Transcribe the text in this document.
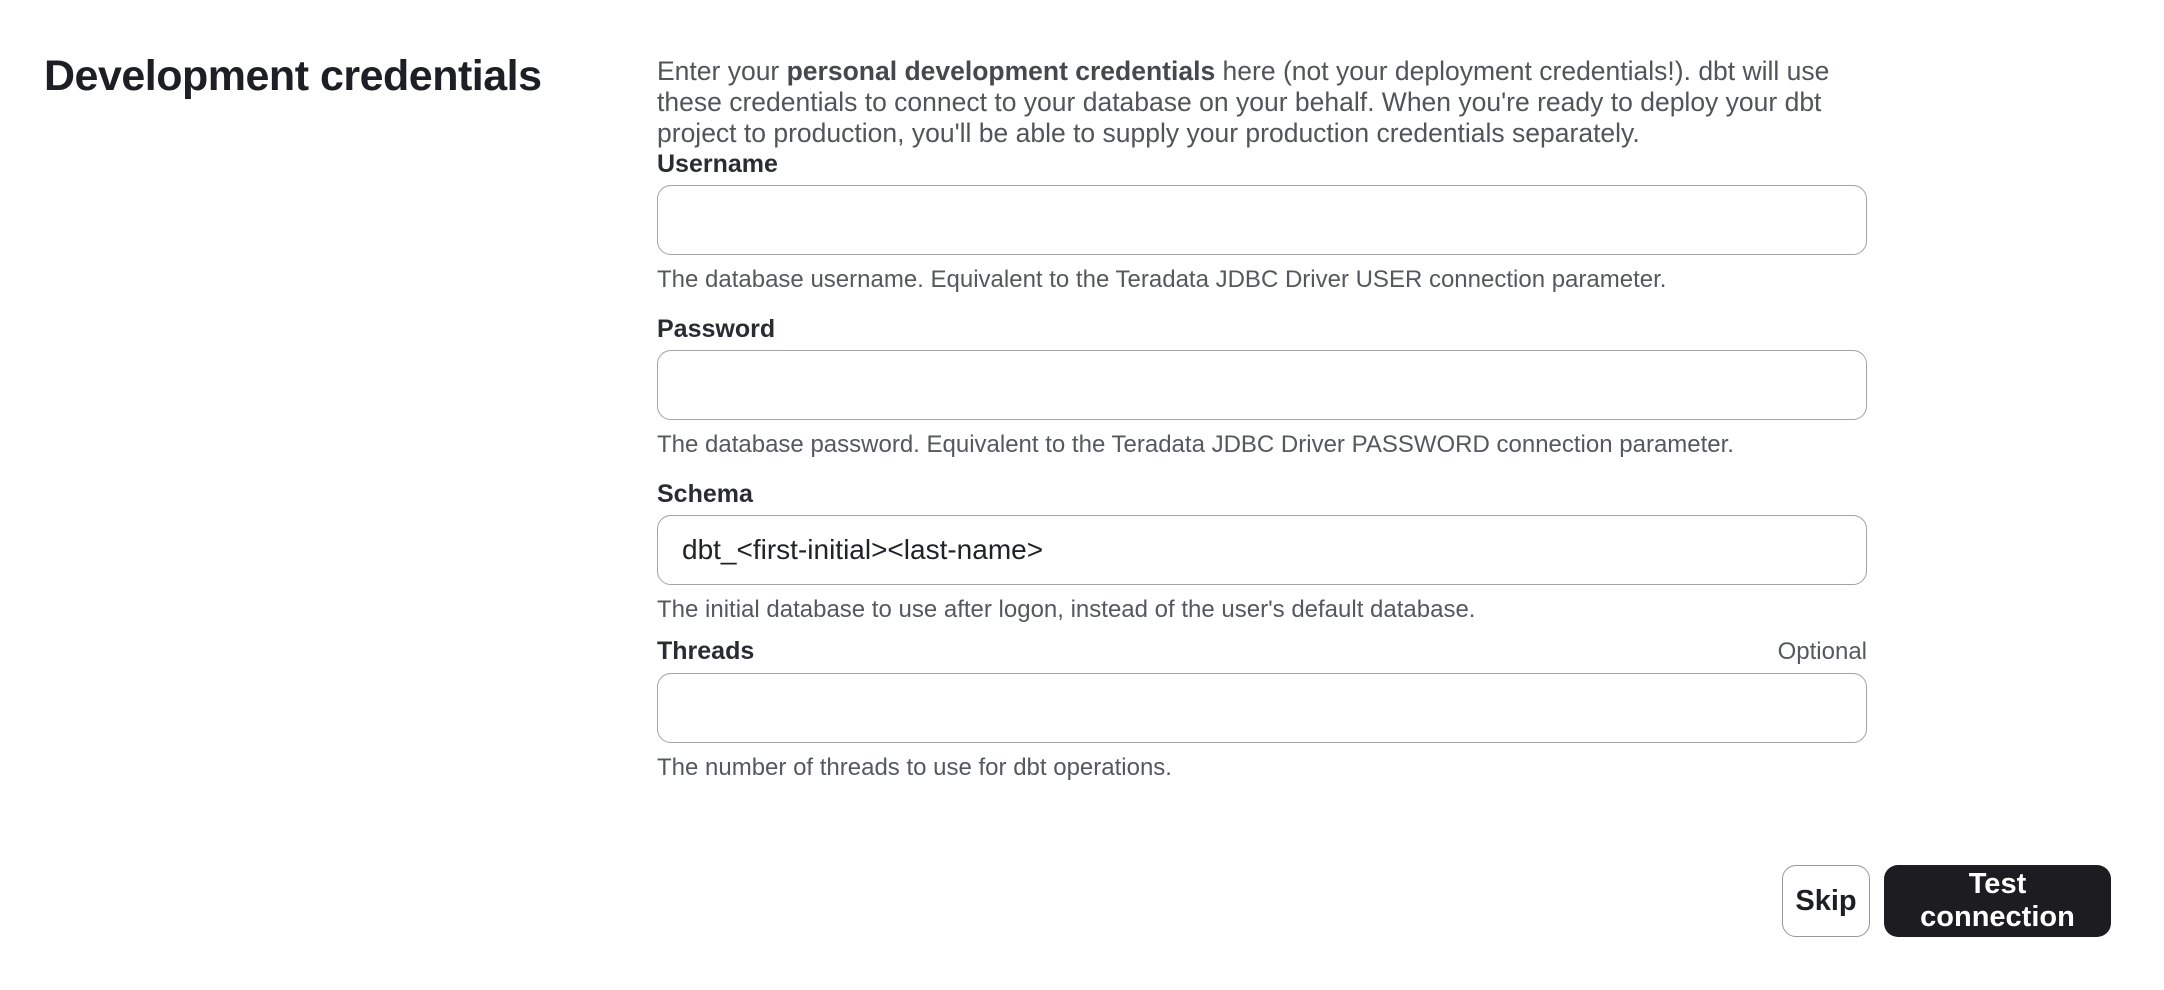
Development credentials	Enter your personal development credentials here (not your deployment credentials!). dbt will use these credentials to connect to your database on your behalf. When you're ready to deploy your dbt project to production, you'll be able to supply your production credentials separately.

Username
The database username. Equivalent to the Teradata JDBC Driver USER connection parameter.
Password
The database password. Equivalent to the Teradata JDBC Driver PASSWORD connection parameter.
Schema
dbt_<first-initial><last-name>
The initial database to use after logon, instead of the user's default database.
Threads	Optional
The number of threads to use for dbt operations.
Skip
Test connection
